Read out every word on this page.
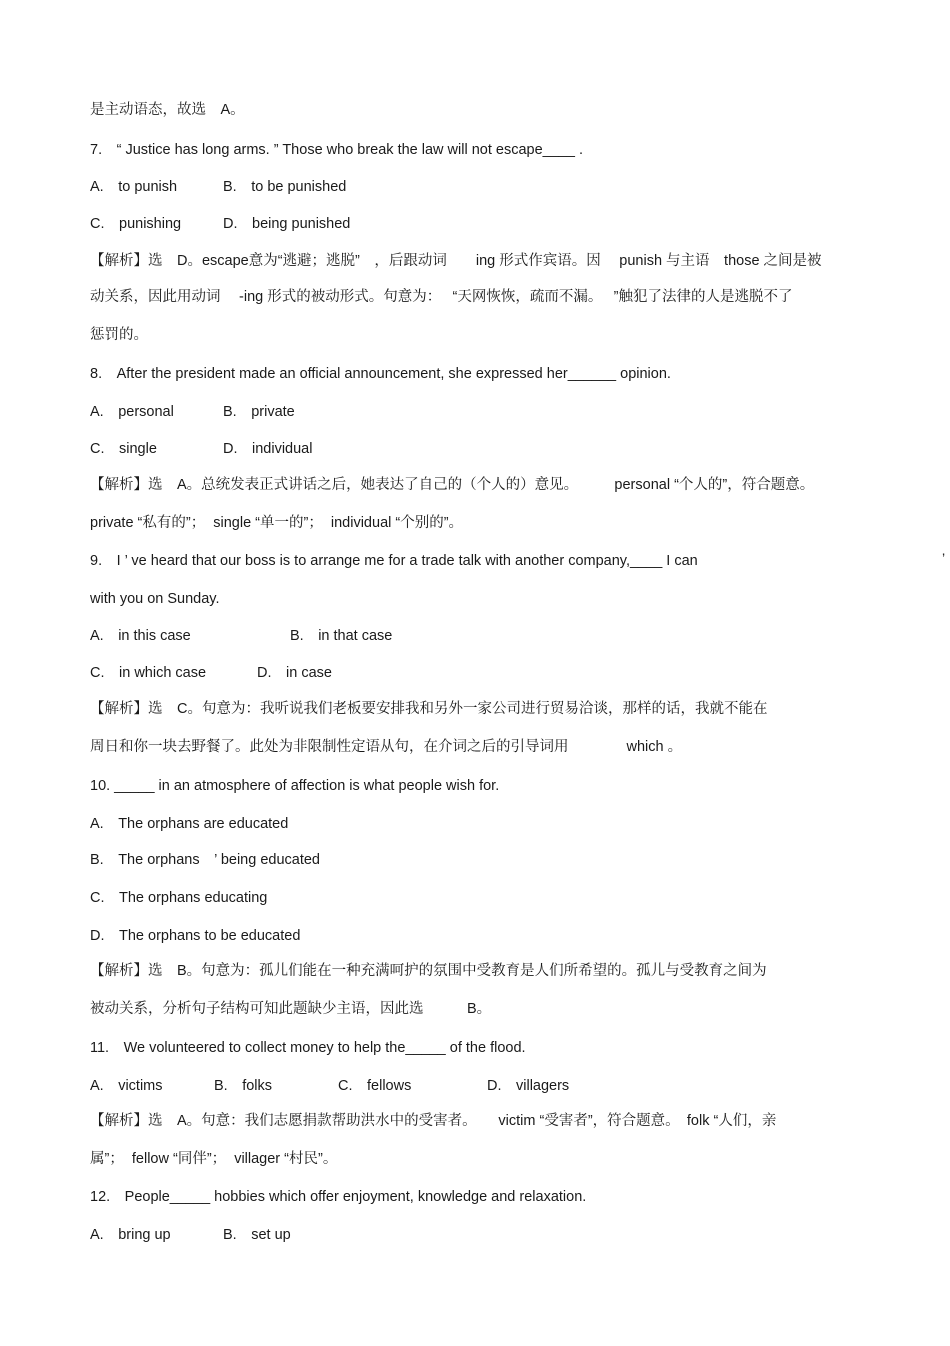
是主动语态，故选　A。
7.　“ Justice has long arms. ” Those who break the law will not escape____ .
A.　to punish	B.　to be punished
C.　punishing	D.　being punished
【解析】选　D。escape意为“逃避；逃脱”　，后跟动词　　ing 形式作宾语。因　 punish 与主语　those 之间是被
动关系，因此用动词　 -ing 形式的被动形式。句意为：　 “天网恢恢，疏而不漏。　 ”触犯了法律的人是逃脱不了
惩罚的。
8.　After the president made an official announcement, she expressed her______ opinion.
A.　personal	B.　private
C.　single	D.　individual
【解析】选　A。总统发表正式讲话之后，她表达了自己的（个人的）意见。　　　personal “个人的”，符合题意。
private “私有的”；  single “单一的”；  individual “个别的”。
9.　I ’ ve heard that our boss is to arrange me for a trade talk with another company,____ I can	’
with you on Sunday.
A.　in this case	B.　in that case
C.　in which case	D.　in case
【解析】选　C。句意为：我听说我们老板要安排我和另外一家公司进行贸易洽谈，那样的话，我就不能在
周日和你一块去野餐了。此处为非限制性定语从句，在介词之后的引导词用　　　　which 。
10. _____ in an atmosphere of affection is what people wish for.
A.　The orphans are educated
B.　The orphans　’ being educated
C.　The orphans educating
D.　The orphans to be educated
【解析】选　B。句意为：孤儿们能在一种充满呵护的氛围中受教育是人们所希望的。孤儿与受教育之间为
被动关系，分析句子结构可知此题缺少主语，因此选　　　B。
11.　We volunteered to collect money to help the_____ of the flood.
A.　victims	B.　folks	C.　fellows	D.　villagers
【解析】选　A。句意：我们志愿捐款帮助洪水中的受害者。　　victim “受害者”，符合题意。　folk “人们，亲
属”；  fellow “同伴”；  villager “村民”。
12.　People_____ hobbies which offer enjoyment, knowledge and relaxation.
A.　bring up	B.　set up
